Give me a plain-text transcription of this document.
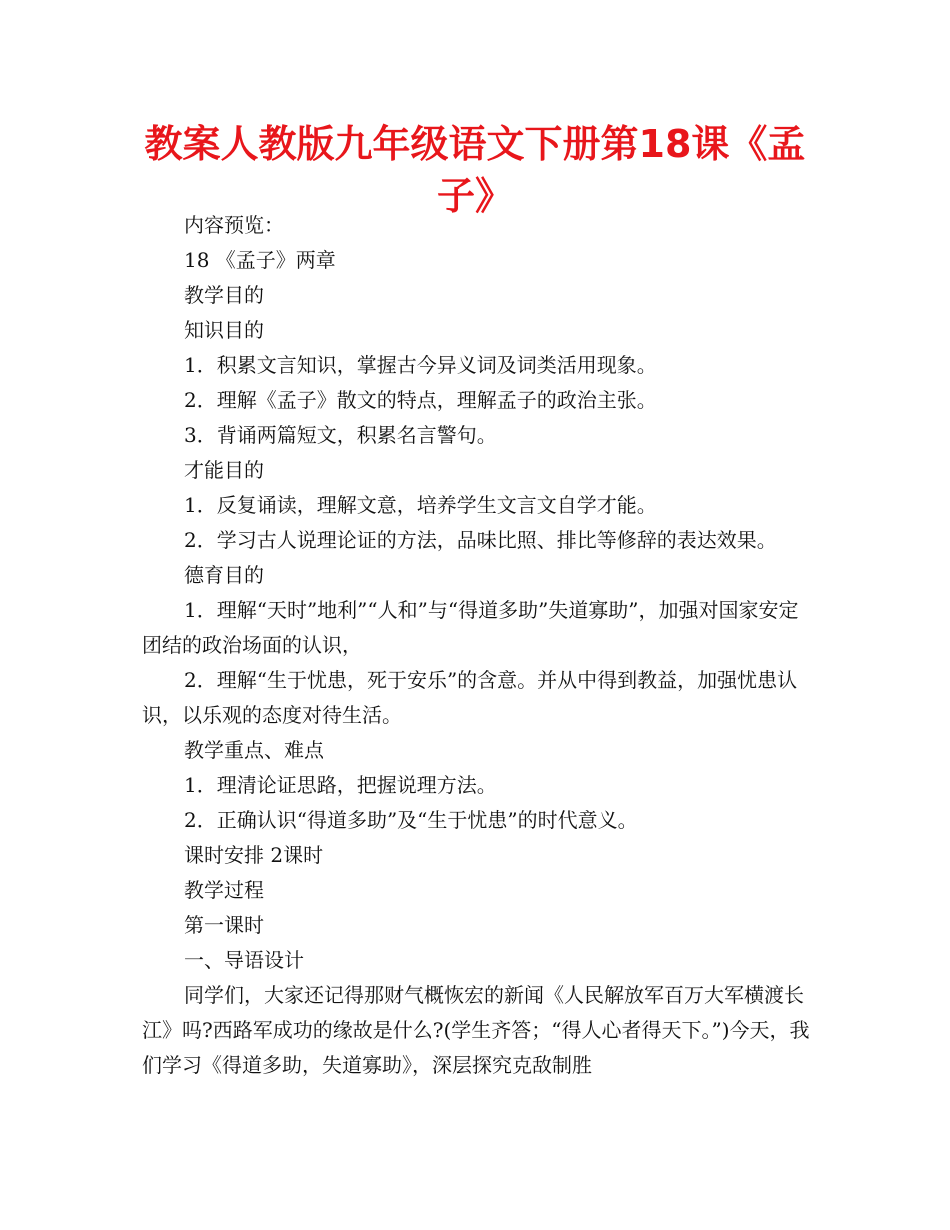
教案人教版九年级语文下册第18课《孟子》

内容预览：

18 《孟子》两章

教学目的

知识目的

1．积累文言知识，掌握古今异义词及词类活用现象。

2．理解《孟子》散文的特点，理解孟子的政治主张。

3．背诵两篇短文，积累名言警句。

才能目的

1．反复诵读，理解文意，培养学生文言文自学才能。

2．学习古人说理论证的方法，品味比照、排比等修辞的表达效果。

德育目的

1．理解“天时”地利”“人和”与“得道多助”失道寡助”，加强对国家安定团结的政治场面的认识，

2．理解“生于忧患，死于安乐”的含意。并从中得到教益，加强忧患认识，以乐观的态度对待生活。

教学重点、难点

1．理清论证思路，把握说理方法。

2．正确认识“得道多助”及“生于忧患”的时代意义。

课时安排 2课时

教学过程

第一课时

一、导语设计

同学们，大家还记得那财气概恢宏的新闻《人民解放军百万大军横渡长江》吗?西路军成功的缘故是什么?(学生齐答；“得人心者得天下。”)今天，我们学习《得道多助，失道寡助》，深层探究克敌制胜
